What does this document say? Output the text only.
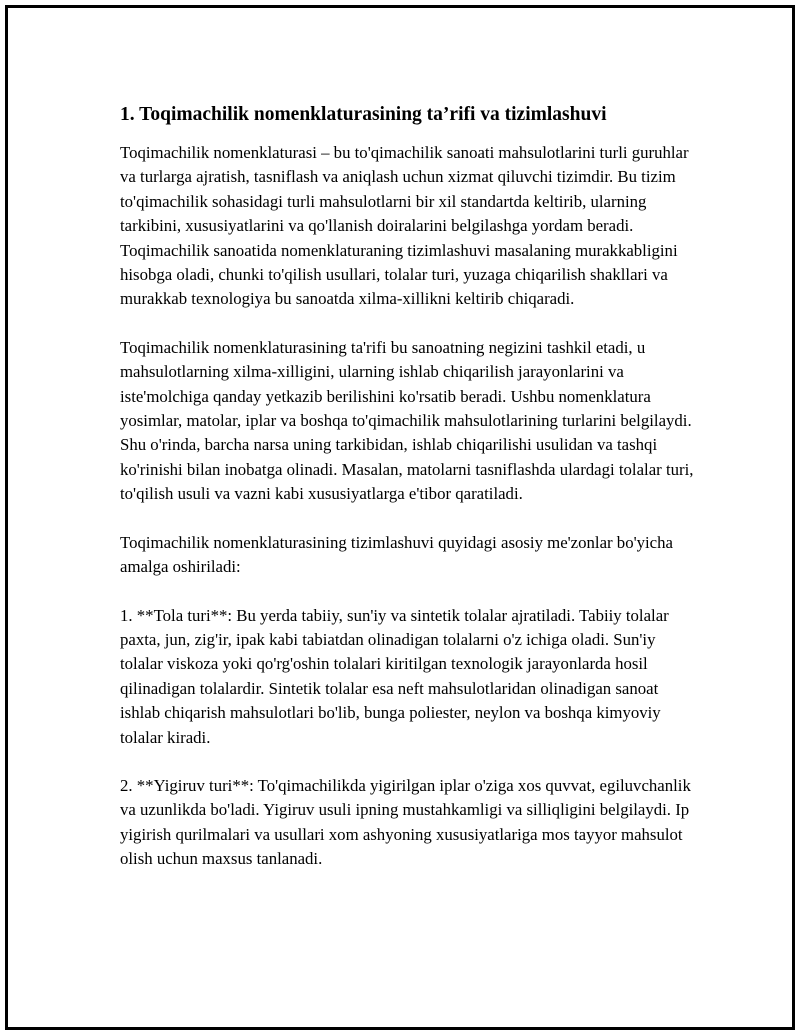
1. Toqimachilik nomenklaturasining ta’rifi va tizimlashuvi

Toqimachilik nomenklaturasi – bu to'qimachilik sanoati mahsulotlarini turli guruhlar va turlarga ajratish, tasniflash va aniqlash uchun xizmat qiluvchi tizimdir. Bu tizim to'qimachilik sohasidagi turli mahsulotlarni bir xil standartda keltirib, ularning tarkibini, xususiyatlarini va qo'llanish doiralarini belgilashga yordam beradi. Toqimachilik sanoatida nomenklaturaning tizimlashuvi masalaning murakkabligini hisobga oladi, chunki to'qilish usullari, tolalar turi, yuzaga chiqarilish shakllari va murakkab texnologiya bu sanoatda xilma-xillikni keltirib chiqaradi.

Toqimachilik nomenklaturasining ta'rifi bu sanoatning negizini tashkil etadi, u mahsulotlarning xilma-xilligini, ularning ishlab chiqarilish jarayonlarini va iste'molchiga qanday yetkazib berilishini ko'rsatib beradi. Ushbu nomenklatura yosimlar, matolar, iplar va boshqa to'qimachilik mahsulotlarining turlarini belgilaydi. Shu o'rinda, barcha narsa uning tarkibidan, ishlab chiqarilishi usulidan va tashqi ko'rinishi bilan inobatga olinadi. Masalan, matolarni tasniflashda ulardagi tolalar turi, to'qilish usuli va vazni kabi xususiyatlarga e'tibor qaratiladi.

Toqimachilik nomenklaturasining tizimlashuvi quyidagi asosiy me'zonlar bo'yicha amalga oshiriladi:

1. **Tola turi**: Bu yerda tabiiy, sun'iy va sintetik tolalar ajratiladi. Tabiiy tolalar paxta, jun, zig'ir, ipak kabi tabiatdan olinadigan tolalarni o'z ichiga oladi. Sun'iy tolalar viskoza yoki qo'rg'oshin tolalari kiritilgan texnologik jarayonlarda hosil qilinadigan tolalardir. Sintetik tolalar esa neft mahsulotlaridan olinadigan sanoat ishlab chiqarish mahsulotlari bo'lib, bunga poliester, neylon va boshqa kimyoviy tolalar kiradi.

2. **Yigiruv turi**: To'qimachilikda yigirilgan iplar o'ziga xos quvvat, egiluvchanlik va uzunlikda bo'ladi. Yigiruv usuli ipning mustahkamligi va silliqligini belgilaydi. Ip yigirish qurilmalari va usullari xom ashyoning xususiyatlariga mos tayyor mahsulot olish uchun maxsus tanlanadi.
